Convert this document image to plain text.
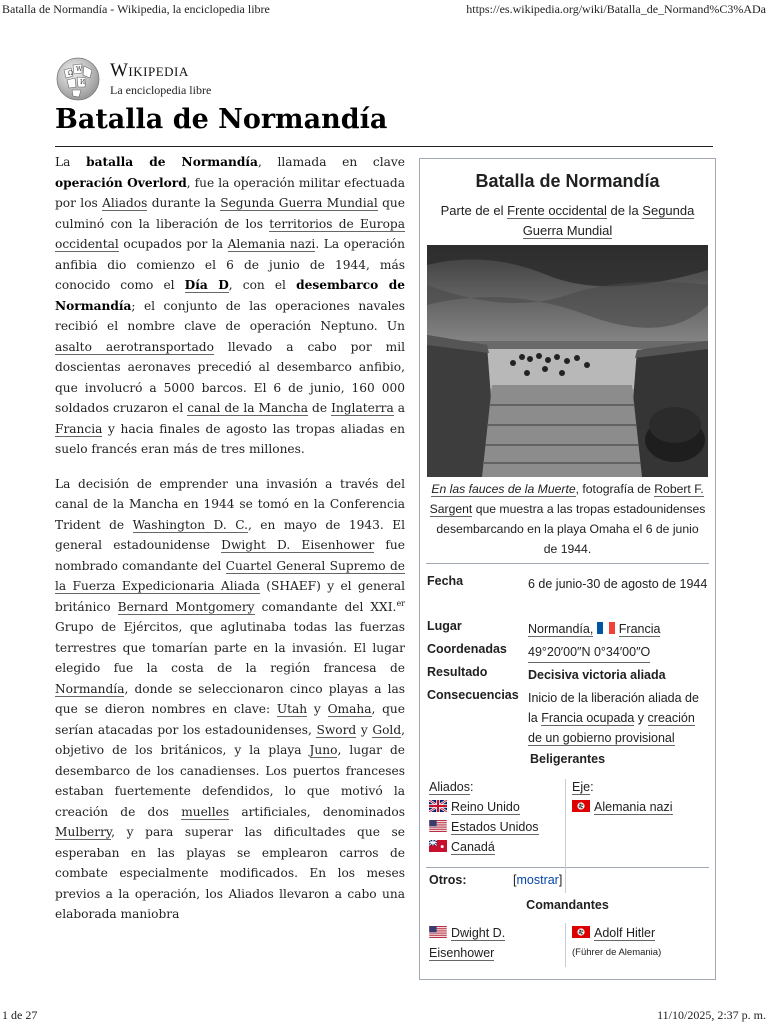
Batalla de Normandía - Wikipedia, la enciclopedia libre	https://es.wikipedia.org/wiki/Batalla_de_Normand%C3%ADa
1 de 27	11/10/2025, 2:37 p. m.
Ω
W
И
Wikipedia
La enciclopedia libre
Batalla de Normandía

La batalla de Normandía, llamada en clave operación Overlord, fue la operación militar efectuada por los Aliados durante la Segunda Guerra Mundial que culminó con la liberación de los territorios de Europa occidental ocupados por la Alemania nazi. La operación anfibia dio comienzo el 6 de junio de 1944, más conocido como el Día D, con el desembarco de Normandía; el conjunto de las operaciones navales recibió el nombre clave de operación Neptuno. Un asalto aerotransportado llevado a cabo por mil doscientas aeronaves precedió al desembarco anfibio, que involucró a 5000 barcos. El 6 de junio, 160 000 soldados cruzaron el canal de la Mancha de Inglaterra a Francia y hacia finales de agosto las tropas aliadas en suelo francés eran más de tres millones.

La decisión de emprender una invasión a través del canal de la Mancha en 1944 se tomó en la Conferencia Trident de Washington D. C., en mayo de 1943. El general estadounidense Dwight D. Eisenhower fue nombrado comandante del Cuartel General Supremo de la Fuerza Expedicionaria Aliada (SHAEF) y el general británico Bernard Montgomery comandante del XXI.$^{er}$ Grupo de Ejércitos, que aglutinaba todas las fuerzas terrestres que tomarían parte en la invasión. El lugar elegido fue la costa de la región francesa de Normandía, donde se seleccionaron cinco playas a las que se dieron nombres en clave: Utah y Omaha, que serían atacadas por los estadounidenses, Sword y Gold, objetivo de los británicos, y la playa Juno, lugar de desembarco de los canadienses. Los puertos franceses estaban fuertemente defendidos, lo que motivó la creación de dos muelles artificiales, denominados Mulberry, y para superar las dificultades que se esperaban en las playas se emplearon carros de combate especialmente modificados. En los meses previos a la operación, los Aliados llevaron a cabo una elaborada maniobra

Batalla de Normandía
Parte de el Frente occidental de la Segunda Guerra Mundial
En las fauces de la Muerte, fotografía de Robert F. Sargent que muestra a las tropas estadounidenses desembarcando en la playa Omaha el 6 de junio de 1944.
Fecha	6 de junio-30 de agosto de 1944
Lugar	Normandía, Francia
Coordenadas 49°20′00″N 0°34′00″O
Resultado	Decisiva victoria aliada
Consecuencias Inicio de la liberación aliada de la Francia ocupada y creación de un gobierno provisional
Beligerantes
Aliados:
Reino Unido
Estados Unidos
Canadá
Eje:
Alemania nazi
Otros:	[mostrar]
Comandantes
Dwight D. Eisenhower
Adolf Hitler
(Führer de Alemania)
